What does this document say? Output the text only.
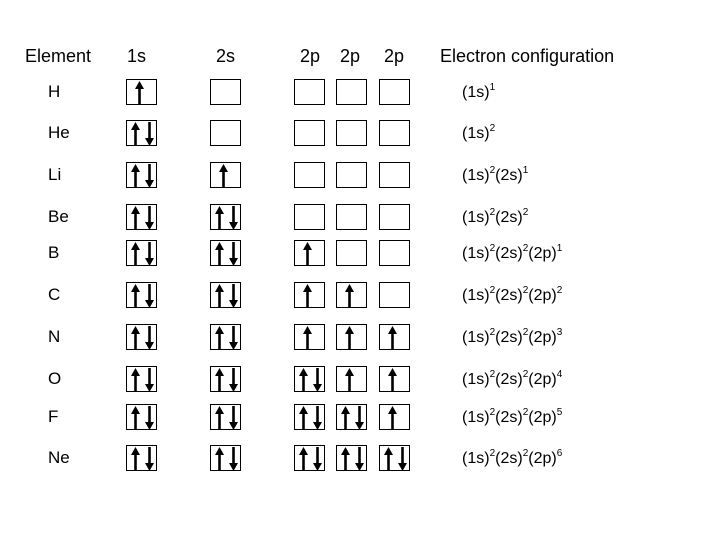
Element 1s	2s	2p 2p 2p Electron configuration
H	$(1s)^1$
He	$(1s)^2$
Li	$(1s)^2(2s)^1$
Be	$(1s)^2(2s)^2$
B	$(1s)^2(2s)^2(2p)^1$
C	$(1s)^2(2s)^2(2p)^2$
N	$(1s)^2(2s)^2(2p)^3$
O	$(1s)^2(2s)^2(2p)^4$
F	$(1s)^2(2s)^2(2p)^5$
Ne	$(1s)^2(2s)^2(2p)^6$
